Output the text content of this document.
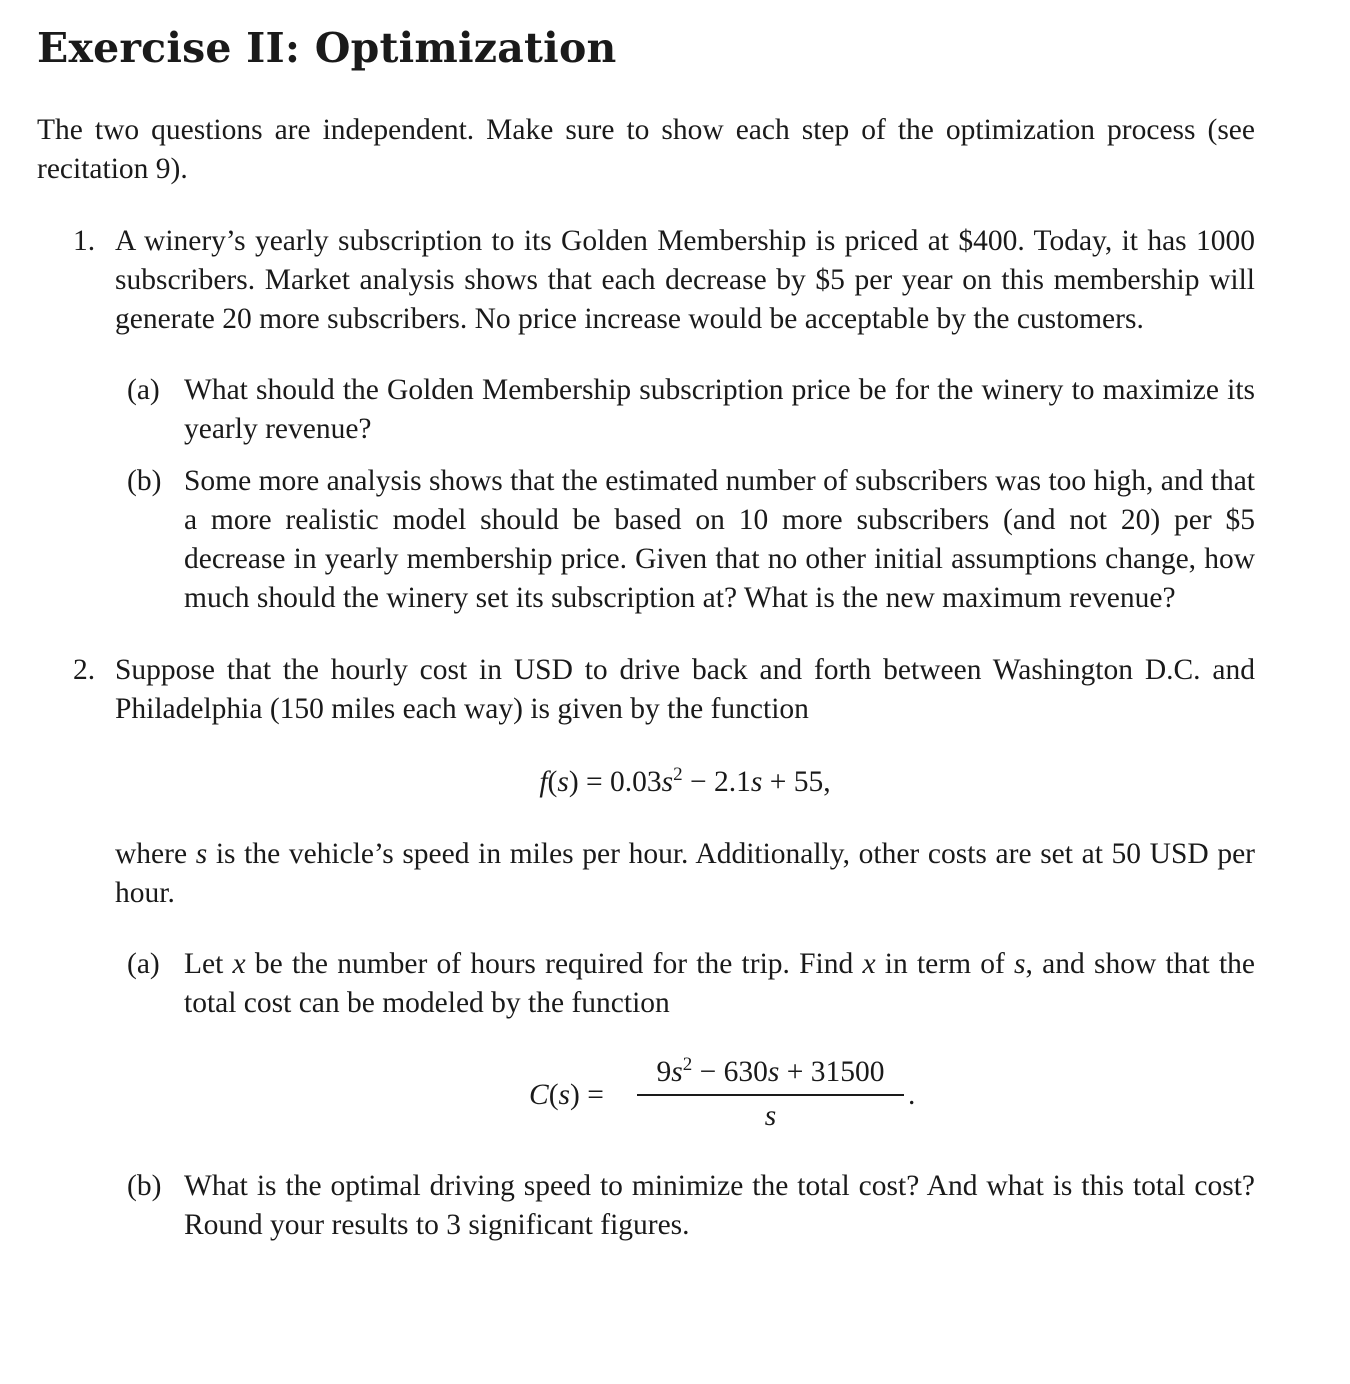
Exercise II: Optimization

The two questions are independent. Make sure to show each step of the optimization process (see recitation 9).

1. A winery’s yearly subscription to its Golden Membership is priced at $400. Today, it has 1000 subscribers. Market analysis shows that each decrease by $5 per year on this membership will generate 20 more subscribers. No price increase would be acceptable by the customers.

(a) What should the Golden Membership subscription price be for the winery to maximize its yearly revenue?

(b) Some more analysis shows that the estimated number of subscribers was too high, and that a more realistic model should be based on 10 more subscribers (and not 20) per $5 decrease in yearly membership price. Given that no other initial assumptions change, how much should the winery set its subscription at? What is the new maximum revenue?

2. Suppose that the hourly cost in USD to drive back and forth between Washington D.C. and Philadelphia (150 miles each way) is given by the function

$f(s) = 0.03s^2 - 2.1s + 55$,

where s is the vehicle’s speed in miles per hour. Additionally, other costs are set at 50 USD per hour.

(a) Let x be the number of hours required for the trip. Find x in term of s, and show that the total cost can be modeled by the function

C(s) =
$9s^2 - 630s + 31500$
s
.
(b) What is the optimal driving speed to minimize the total cost? And what is this total cost? Round your results to 3 significant figures.
